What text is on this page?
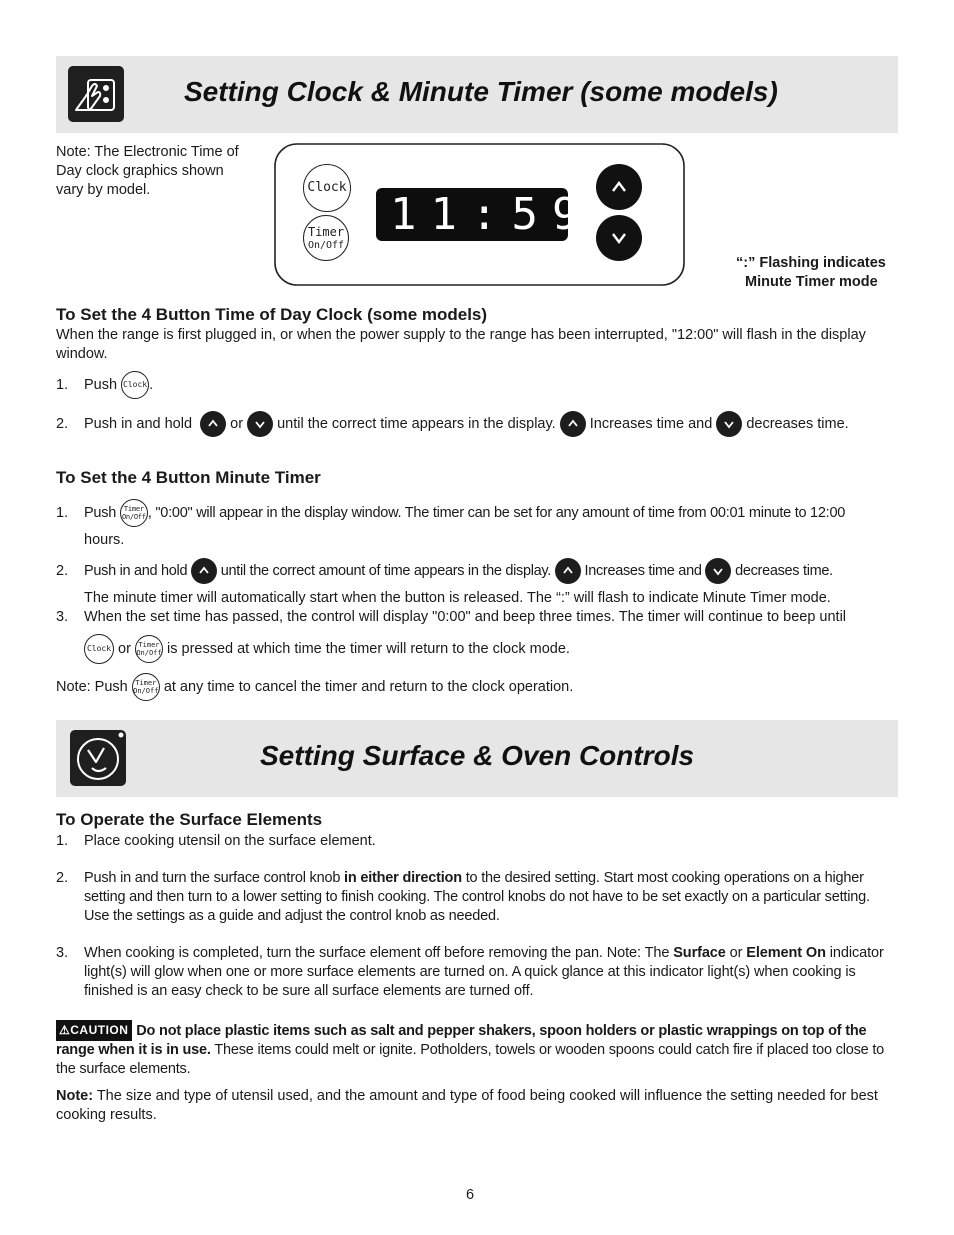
Setting Clock & Minute Timer (some models)
Note: The Electronic Time of Day clock graphics shown vary by model.	Clock
Timer
On/Off
11:59
“:” Flashing indicates
Minute Timer mode
To Set the 4 Button Time of Day Clock (some models)
When the range is first plugged in, or when the power supply to the range has been interrupted, "12:00" will flash in the display window.
1. Push Clock .
2. Push in and hold	or until the correct time appears in the display. Increases time and decreases time.
To Set the 4 Button Minute Timer
1. Push Timer
On/Off , "0:00" will appear in the display window. The timer can be set for any amount of time from 00:01 minute to 12:00
hours.
2. Push in and hold until the correct amount of time appears in the display. Increases time and decreases time.
The minute timer will automatically start when the button is released. The “:” will flash to indicate Minute Timer mode.
3. When the set time has passed, the control will display "0:00" and beep three times. The timer will continue to beep until
Clock or Timer
On/Off is pressed at which time the timer will return to the clock mode.
Note: Push Timer
On/Off at any time to cancel the timer and return to the clock operation.
Setting Surface & Oven Controls
To Operate the Surface Elements
1. Place cooking utensil on the surface element.
2. Push in and turn the surface control knob in either direction to the desired setting. Start most cooking operations on a higher setting and then turn to a lower setting to finish cooking. The control knobs do not have to be set exactly on a particular setting. Use the settings as a guide and adjust the control knob as needed.
3. When cooking is completed, turn the surface element off before removing the pan. Note: The Surface or Element On indicator light(s) will glow when one or more surface elements are turned on. A quick glance at this indicator light(s) when cooking is finished is an easy check to be sure all surface elements are turned off.
⚠CAUTION Do not place plastic items such as salt and pepper shakers, spoon holders or plastic wrappings on top of the range when it is in use. These items could melt or ignite. Potholders, towels or wooden spoons could catch fire if placed too close to the surface elements.
Note: The size and type of utensil used, and the amount and type of food being cooked will influence the setting needed for best cooking results.
6
